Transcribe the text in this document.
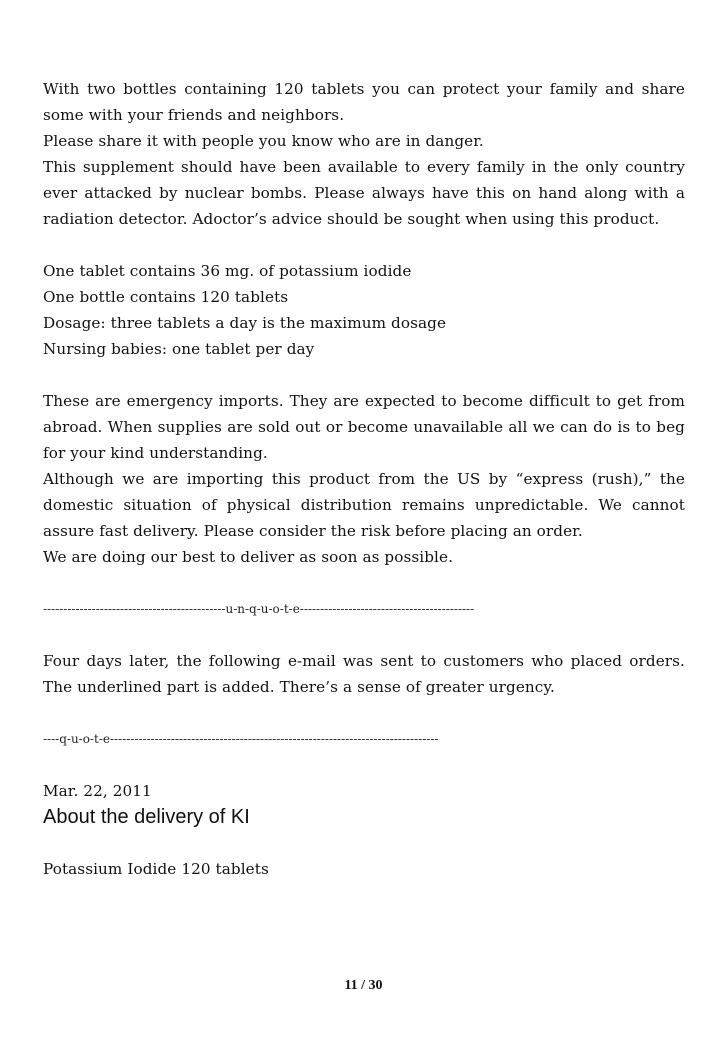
With two bottles containing 120 tablets you can protect your family and share some with your friends and neighbors.
Please share it with people you know who are in danger.
This supplement should have been available to every family in the only country ever attacked by nuclear bombs. Please always have this on hand along with a radiation detector. Adoctor’s advice should be sought when using this product.

One tablet contains 36 mg. of potassium iodide
One bottle contains 120 tablets
Dosage: three tablets a day is the maximum dosage
Nursing babies: one tablet per day

These are emergency imports. They are expected to become difficult to get from abroad. When supplies are sold out or become unavailable all we can do is to beg for your kind understanding.
Although we are importing this product from the US by “express (rush),” the domestic situation of physical distribution remains unpredictable. We cannot assure fast delivery. Please consider the risk before placing an order.
We are doing our best to deliver as soon as possible.

---------------------------------------------u-n-q-u-o-t-e-------------------------------------------

Four days later, the following e-mail was sent to customers who placed orders. The underlined part is added. There’s a sense of greater urgency.

----q-u-o-t-e---------------------------------------------------------------------------------

Mar. 22, 2011

About the delivery of KI

Potassium Iodide 120 tablets

11 / 30
